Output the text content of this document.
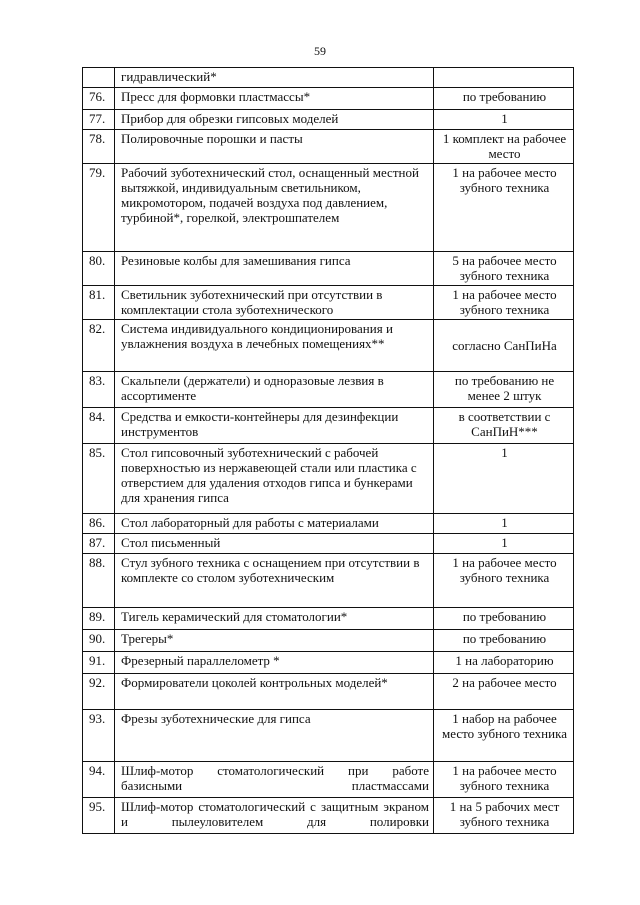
59
	гидравлический*	
76.	Пресс для формовки пластмассы*	по требованию
77.	Прибор для обрезки гипсовых моделей	1
78.	Полировочные порошки и пасты	1 комплект на рабочее место
79.	Рабочий зуботехнический стол, оснащенный местной вытяжкой, индивидуальным светильником, микромотором, подачей воздуха под давлением, турбиной*, горелкой, электрошпателем	1 на рабочее место зубного техника
80.	Резиновые колбы для замешивания гипса	5 на рабочее место зубного техника
81.	Светильник зуботехнический при отсутствии в комплектации стола зуботехнического	1 на рабочее место зубного техника
82.	Система индивидуального кондиционирования и увлажнения воздуха в лечебных помещениях**	согласно СанПиНа
83.	Скальпели (держатели) и одноразовые лезвия в ассортименте	по требованию не менее 2 штук
84.	Средства и емкости-контейнеры для дезинфекции инструментов	в соответствии с СанПиН***
85.	Стол гипсовочный зуботехнический с рабочей поверхностью из нержавеющей стали или пластика с отверстием для удаления отходов гипса и бункерами для хранения гипса	1
86.	Стол лабораторный для работы с материалами	1
87.	Стол письменный	1
88.	Стул зубного техника с оснащением при отсутствии в комплекте со столом зуботехническим	1 на рабочее место зубного техника
89.	Тигель керамический для стоматологии*	по требованию
90.	Трегеры*	по требованию
91.	Фрезерный параллелометр *	1 на лабораторию
92.	Формирователи цоколей контрольных моделей*	2 на рабочее место
93.	Фрезы зуботехнические для гипса	1 набор на рабочее место зубного техника
94.	Шлиф-мотор стоматологический при работе базисными пластмассами	1 на рабочее место зубного техника
95.	Шлиф-мотор стоматологический с защитным экраном и пылеуловителем для полировки	1 на 5 рабочих мест зубного техника
